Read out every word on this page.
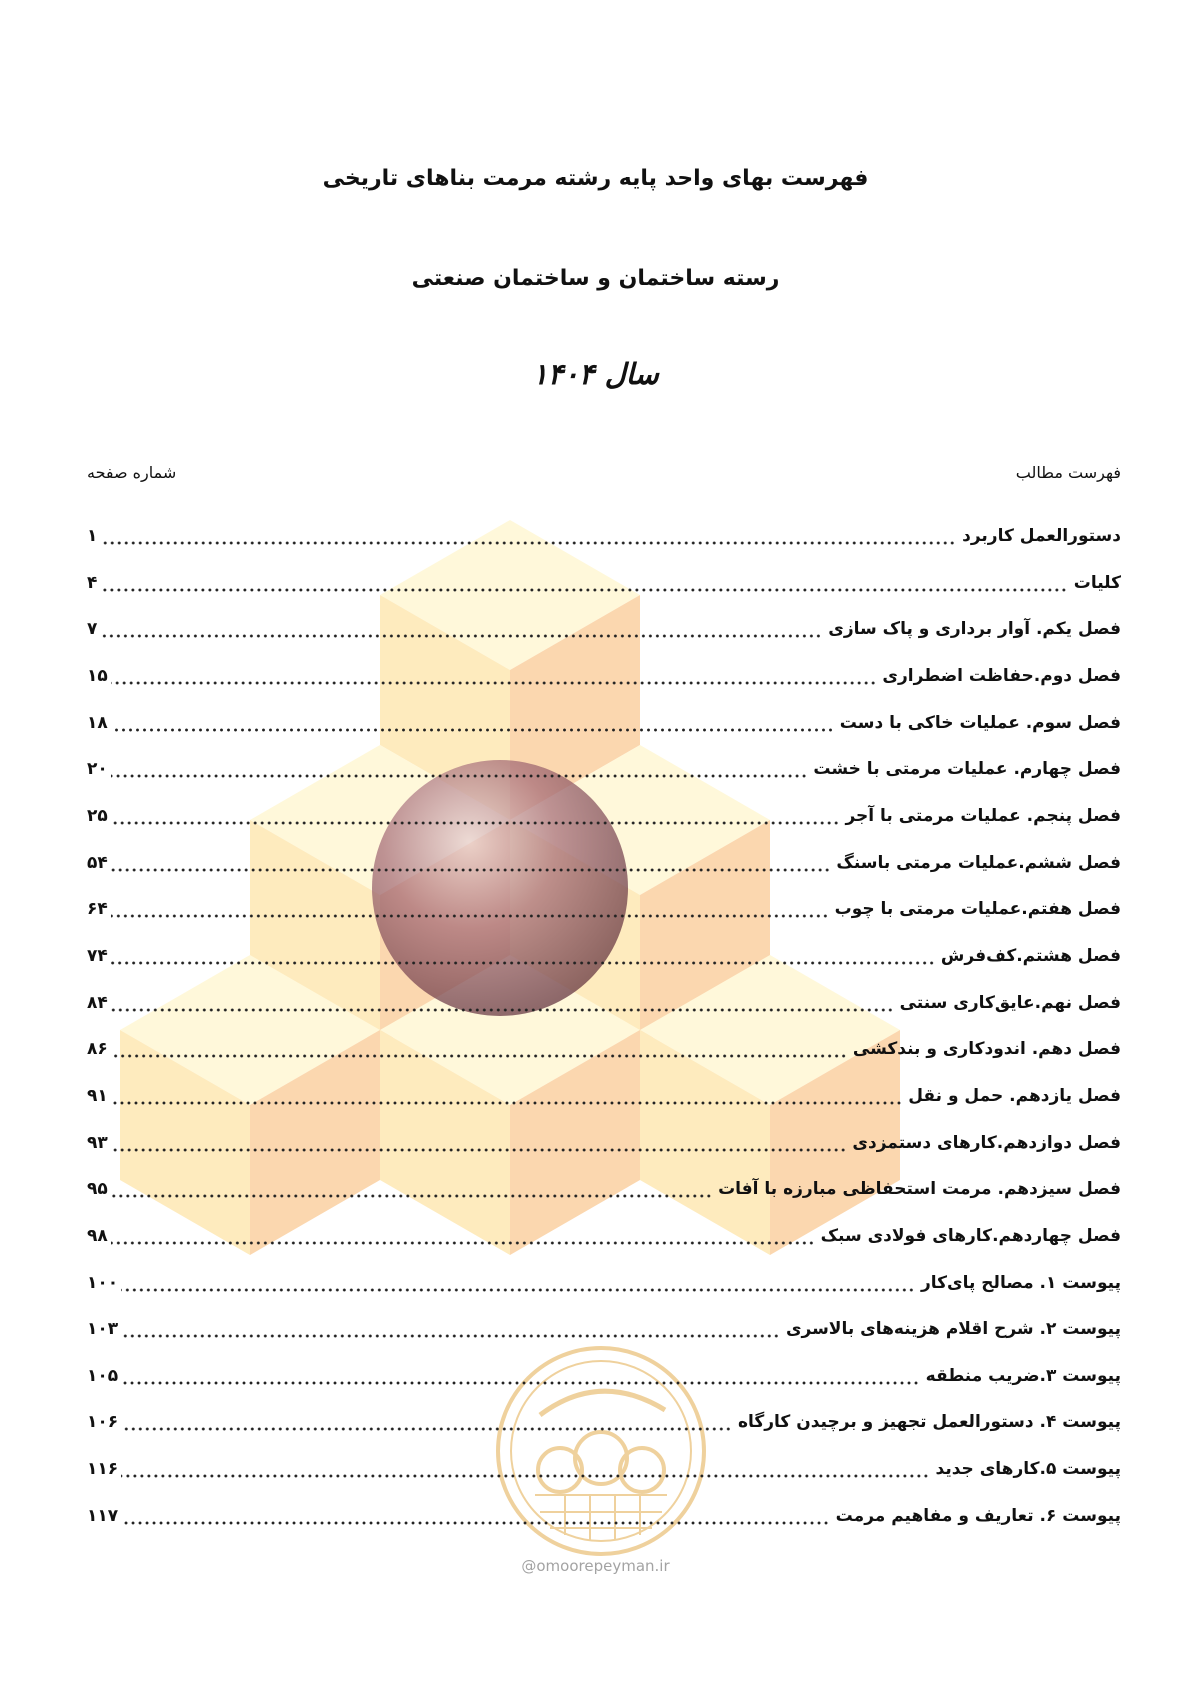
@omoorepeyman.ir
فهرست بهای واحد پایه رشته مرمت بناهای تاریخی
رسته ساختمان و ساختمان صنعتی
سال ۱۴۰۴
فهرست مطالب
شماره صفحه
دستورالعمل کاربرد
۱
کلیات
۴
فصل یکم. آوار برداری و پاک سازی
۷
فصل دوم.حفاظت اضطراری
۱۵
فصل سوم. عملیات خاکی با دست
۱۸
فصل چهارم. عملیات مرمتی با خشت
۲۰
فصل پنجم. عملیات مرمتی با آجر
۲۵
فصل ششم.عملیات مرمتی باسنگ
۵۴
فصل هفتم.عملیات مرمتی با چوب
۶۴
فصل هشتم.کف‌فرش
۷۴
فصل نهم.عایق‌کاری سنتی
۸۴
فصل دهم. اندودکاری و بندکشی
۸۶
فصل یازدهم. حمل و نقل
۹۱
فصل دوازدهم.کارهای دستمزدی
۹۳
فصل سیزدهم. مرمت استحفاظی مبارزه با آفات
۹۵
فصل چهاردهم.کارهای فولادی سبک
۹۸
پیوست ۱. مصالح پای‌کار
۱۰۰
پیوست ۲. شرح اقلام هزینه‌های بالاسری
۱۰۳
پیوست ۳.ضریب منطقه
۱۰۵
پیوست ۴. دستورالعمل تجهیز و برچیدن کارگاه
۱۰۶
پیوست ۵.کارهای جدید
۱۱۶
پیوست ۶. تعاریف و مفاهیم مرمت
۱۱۷
